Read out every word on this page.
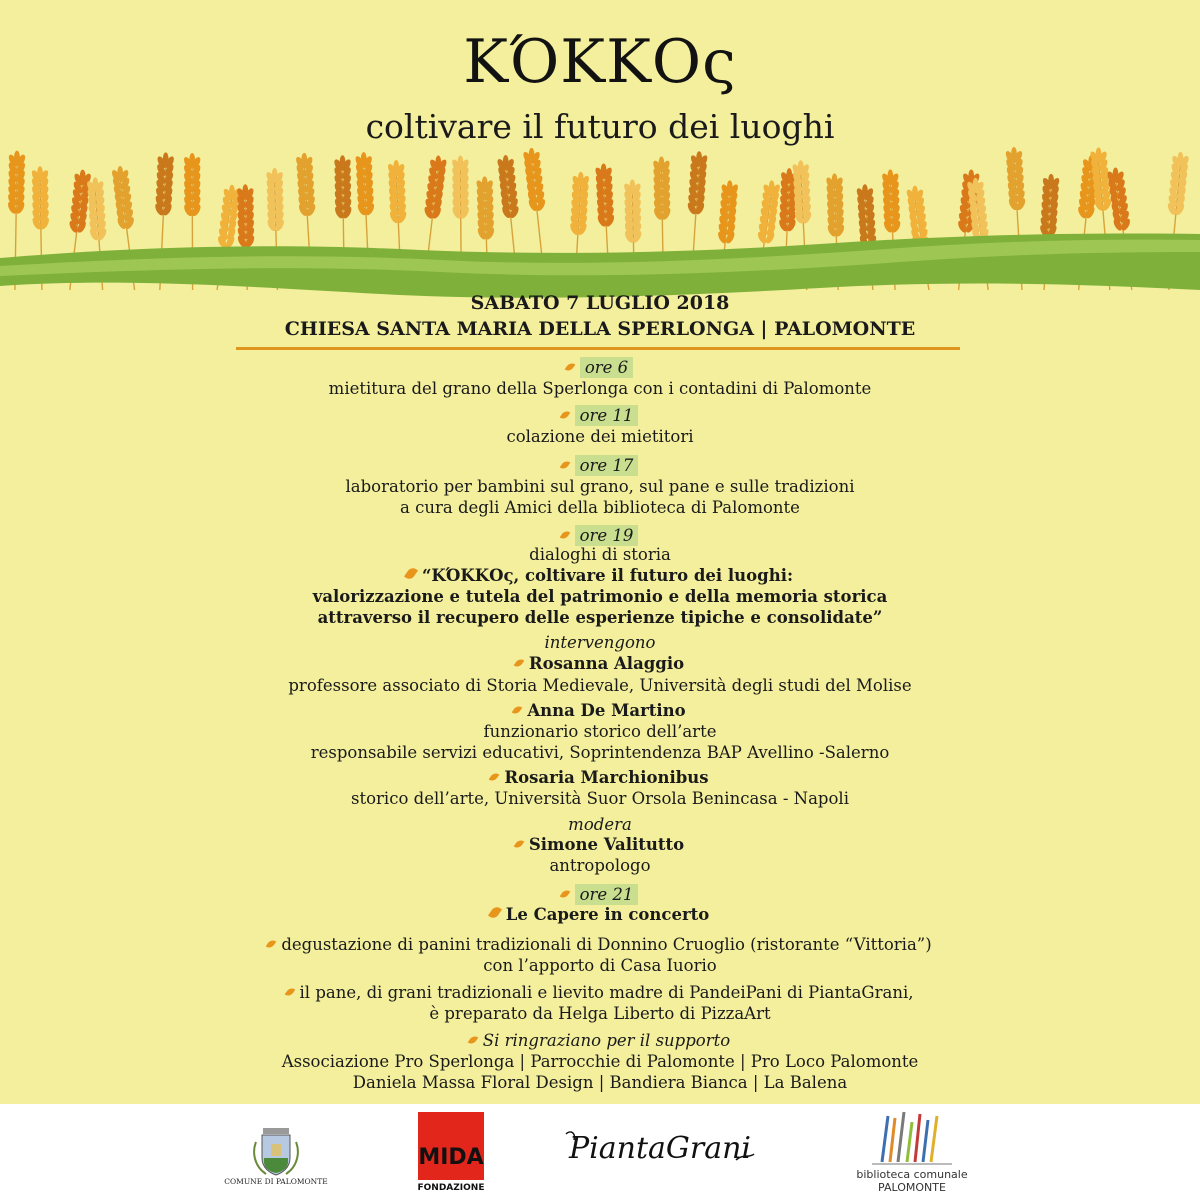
ΚΌΚΚΟς
coltivare il futuro dei luoghi
SABATO 7 LUGLIO 2018
CHIESA SANTA MARIA DELLA SPERLONGA | PALOMONTE
ore 6
mietitura del grano della Sperlonga con i contadini di Palomonte
ore 11
colazione dei mietitori
ore 17
laboratorio per bambini sul grano, sul pane e sulle tradizioni
a cura degli Amici della biblioteca di Palomonte
ore 19
dialoghi di storia
“ΚΌΚΚΟς, coltivare il futuro dei luoghi:
valorizzazione e tutela del patrimonio e della memoria storica
attraverso il recupero delle esperienze tipiche e consolidate”
intervengono
Rosanna Alaggio
professore associato di Storia Medievale, Università degli studi del Molise
Anna De Martino
funzionario storico dell’arte
responsabile servizi educativi, Soprintendenza BAP Avellino -Salerno
Rosaria Marchionibus
storico dell’arte, Università Suor Orsola Benincasa - Napoli
modera
Simone Valitutto
antropologo
ore 21
Le Capere in concerto
degustazione di panini tradizionali di Donnino Cruoglio (ristorante “Vittoria”)
con l’apporto di Casa Iuorio
il pane, di grani tradizionali e lievito madre di PandeiPani di PiantaGrani,
è preparato da Helga Liberto di PizzaArt
Si ringraziano per il supporto
Associazione Pro Sperlonga | Parrocchie di Palomonte | Pro Loco Palomonte
Daniela Massa Floral Design | Bandiera Bianca | La Balena
COMUNE DI PALOMONTE
MIDA
FONDAZIONE
PiantaGrani
biblioteca comunale
PALOMONTE
